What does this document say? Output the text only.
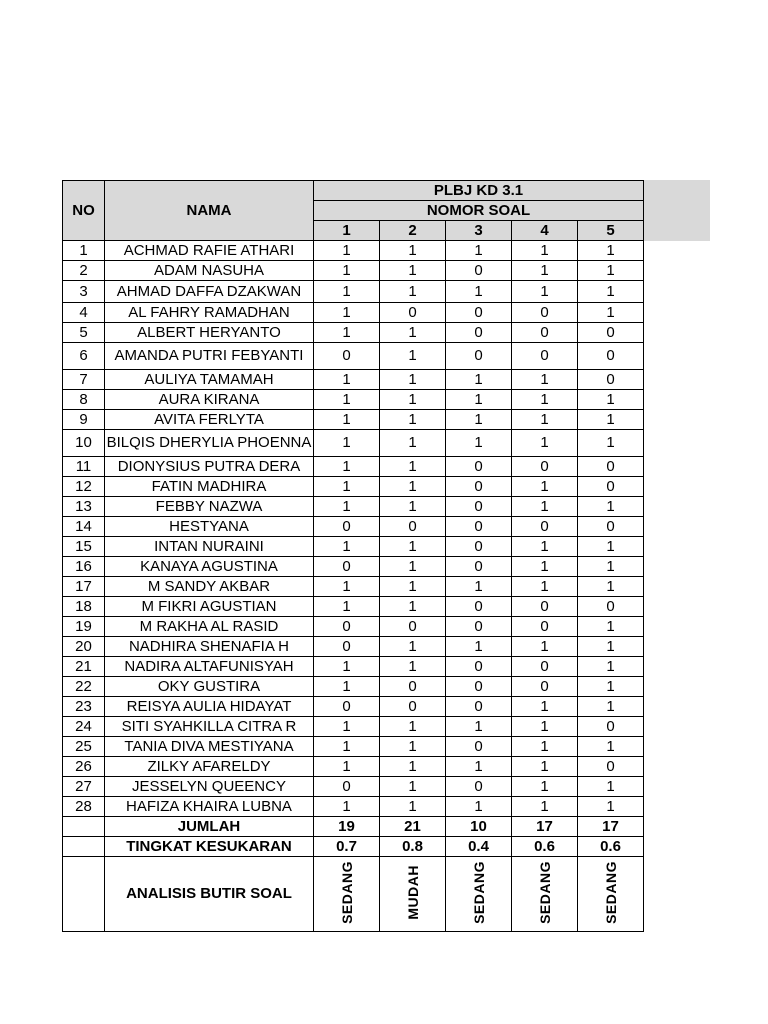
NO	NAMA	PLBJ KD 3.1				
		NOMOR SOAL				
		1	2	3	4	5
1	ACHMAD RAFIE ATHARI	1	1	1	1	1
2	ADAM NASUHA	1	1	0	1	1
3	AHMAD DAFFA DZAKWAN	1	1	1	1	1
4	AL FAHRY RAMADHAN	1	0	0	0	1
5	ALBERT HERYANTO	1	1	0	0	0
6	AMANDA PUTRI FEBYANTI	0	1	0	0	0
7	AULIYA TAMAMAH	1	1	1	1	0
8	AURA KIRANA	1	1	1	1	1
9	AVITA FERLYTA	1	1	1	1	1
10	BILQIS DHERYLIA PHOENNA	1	1	1	1	1
11	DIONYSIUS PUTRA DERA	1	1	0	0	0
12	FATIN MADHIRA	1	1	0	1	0
13	FEBBY NAZWA	1	1	0	1	1
14	HESTYANA	0	0	0	0	0
15	INTAN NURAINI	1	1	0	1	1
16	KANAYA AGUSTINA	0	1	0	1	1
17	M SANDY AKBAR	1	1	1	1	1
18	M FIKRI AGUSTIAN	1	1	0	0	0
19	M RAKHA AL RASID	0	0	0	0	1
20	NADHIRA SHENAFIA H	0	1	1	1	1
21	NADIRA ALTAFUNISYAH	1	1	0	0	1
22	OKY GUSTIRA	1	0	0	0	1
23	REISYA AULIA HIDAYAT	0	0	0	1	1
24	SITI SYAHKILLA CITRA R	1	1	1	1	0
25	TANIA DIVA MESTIYANA	1	1	0	1	1
26	ZILKY AFARELDY	1	1	1	1	0
27	JESSELYN QUEENCY	0	1	0	1	1
28	HAFIZA KHAIRA LUBNA	1	1	1	1	1
	JUMLAH	19	21	10	17	17
	TINGKAT KESUKARAN	0.7	0.8	0.4	0.6	0.6
	ANALISIS BUTIR SOAL	SEDANG	MUDAH	SEDANG	SEDANG	SEDANG
